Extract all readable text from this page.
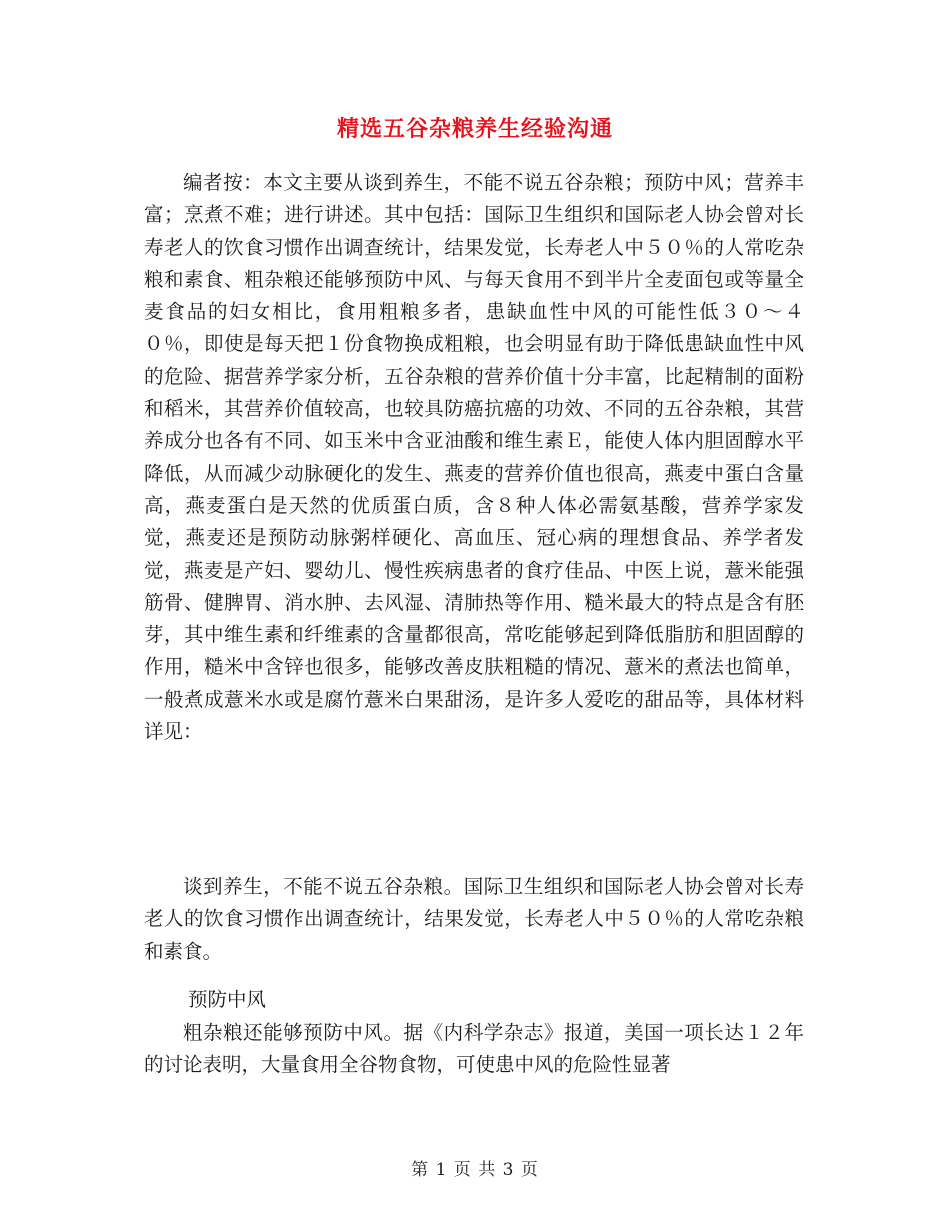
精选五谷杂粮养生经验沟通

编者按：本文主要从谈到养生，不能不说五谷杂粮；预防中风；营养丰富；烹煮不难；进行讲述。其中包括：国际卫生组织和国际老人协会曾对长寿老人的饮食习惯作出调查统计，结果发觉，长寿老人中５０％的人常吃杂粮和素食、粗杂粮还能够预防中风、与每天食用不到半片全麦面包或等量全麦食品的妇女相比，食用粗粮多者，患缺血性中风的可能性低３０～４０％，即使是每天把１份食物换成粗粮，也会明显有助于降低患缺血性中风的危险、据营养学家分析，五谷杂粮的营养价值十分丰富，比起精制的面粉和稻米，其营养价值较高，也较具防癌抗癌的功效、不同的五谷杂粮，其营养成分也各有不同、如玉米中含亚油酸和维生素Ｅ，能使人体内胆固醇水平降低，从而减少动脉硬化的发生、燕麦的营养价值也很高，燕麦中蛋白含量高，燕麦蛋白是天然的优质蛋白质，含８种人体必需氨基酸，营养学家发觉，燕麦还是预防动脉粥样硬化、高血压、冠心病的理想食品、养学者发觉，燕麦是产妇、婴幼儿、慢性疾病患者的食疗佳品、中医上说，薏米能强筋骨、健脾胃、消水肿、去风湿、清肺热等作用、糙米最大的特点是含有胚芽，其中维生素和纤维素的含量都很高，常吃能够起到降低脂肪和胆固醇的作用，糙米中含锌也很多，能够改善皮肤粗糙的情况、薏米的煮法也简单，一般煮成薏米水或是腐竹薏米白果甜汤，是许多人爱吃的甜品等，具体材料详见：

谈到养生，不能不说五谷杂粮。国际卫生组织和国际老人协会曾对长寿老人的饮食习惯作出调查统计，结果发觉，长寿老人中５０％的人常吃杂粮和素食。

预防中风

粗杂粮还能够预防中风。据《内科学杂志》报道，美国一项长达１２年的讨论表明，大量食用全谷物食物，可使患中风的危险性显著

第 1 页 共 3 页
